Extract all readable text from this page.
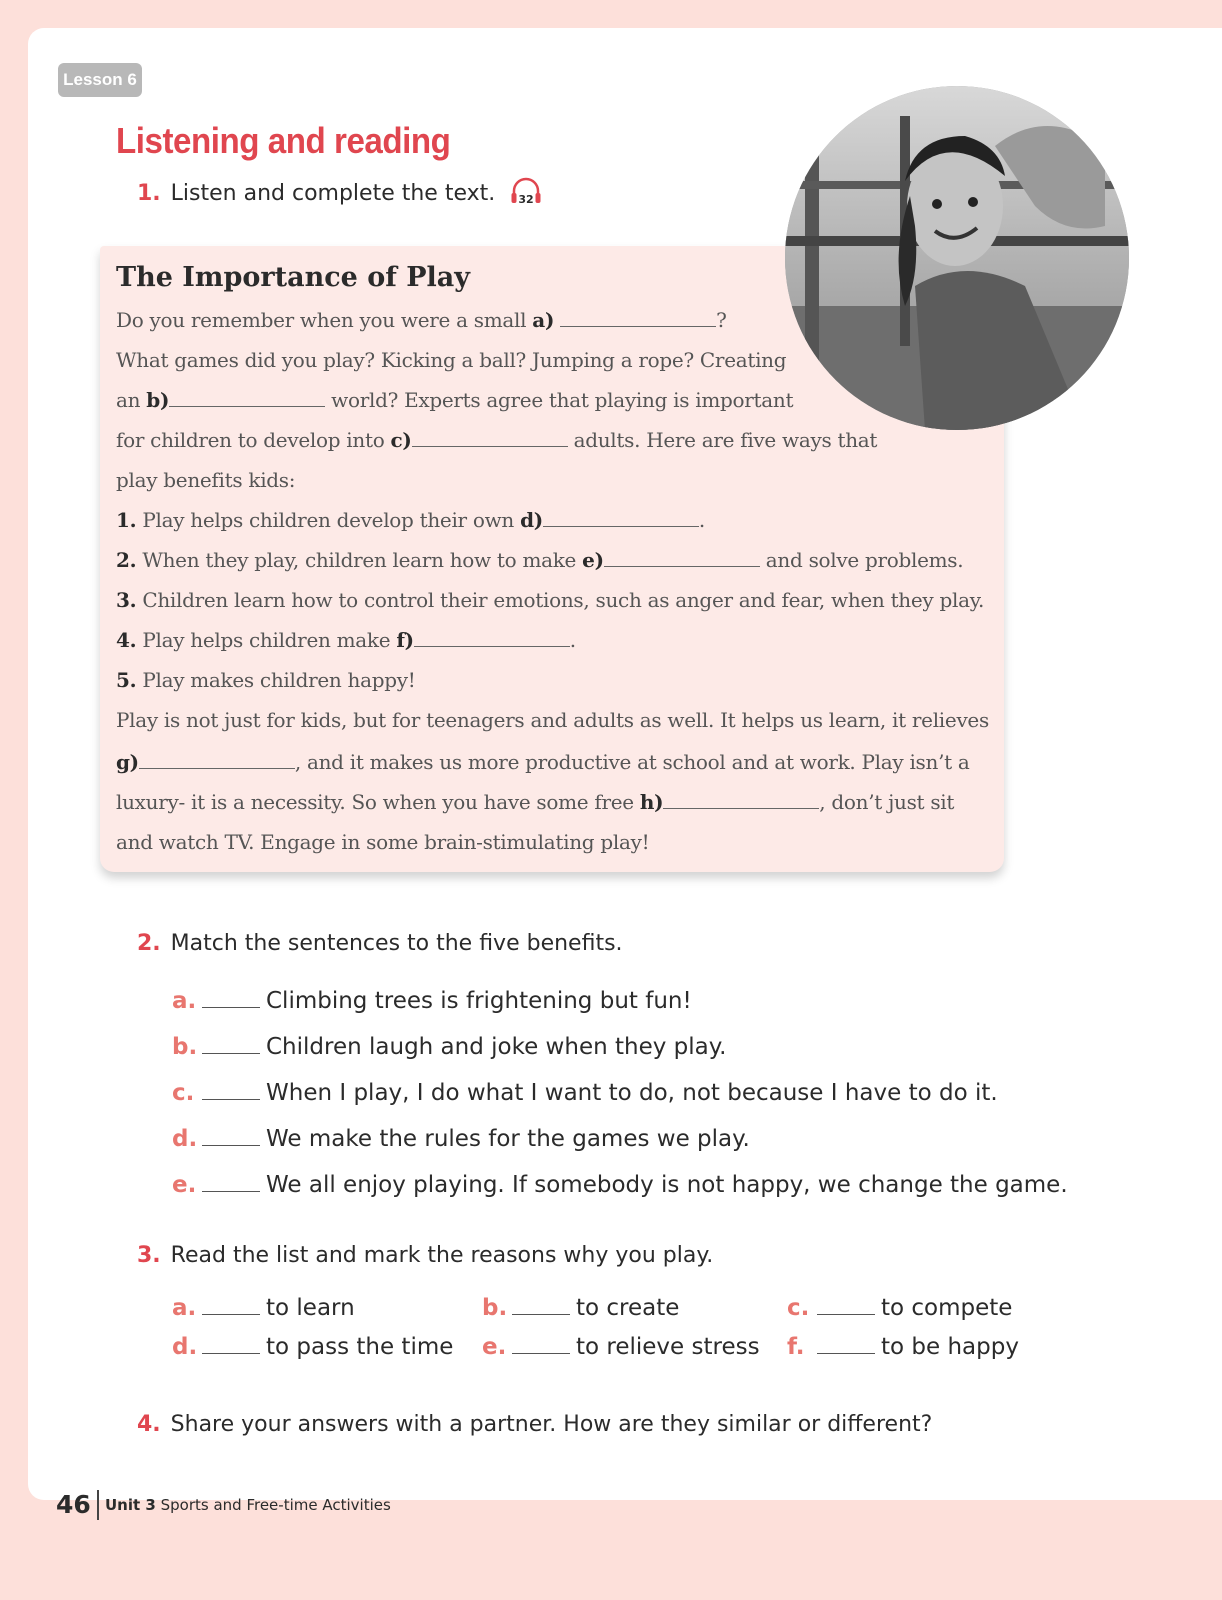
Lesson 6
Listening and reading
1. Listen and complete the text. 32
The Importance of Play
Do you remember when you were a small a)	?
What games did you play? Kicking a ball? Jumping a rope? Creating
an b)	world? Experts agree that playing is important
for children to develop into c)	adults. Here are five ways that
play benefits kids:
1. Play helps children develop their own d)	.
2. When they play, children learn how to make e)	and solve problems.
3. Children learn how to control their emotions, such as anger and fear, when they play.
4. Play helps children make f)	.
5. Play makes children happy!
Play is not just for kids, but for teenagers and adults as well. It helps us learn, it relieves
g)	, and it makes us more productive at school and at work. Play isn’t a
luxury- it is a necessity. So when you have some free h)	, don’t just sit
and watch TV. Engage in some brain-stimulating play!
2. Match the sentences to the five benefits.
a.	Climbing trees is frightening but fun!
b.	Children laugh and joke when they play.
c.	When I play, I do what I want to do, not because I have to do it.
d.	We make the rules for the games we play.
e.	We all enjoy playing. If somebody is not happy, we change the game.
3. Read the list and mark the reasons why you play.
a.	to learn	b.	to create	c.	to compete
d.	to pass the time e.	to relieve stress f.	to be happy
4. Share your answers with a partner. How are they similar or different?
46 Unit 3 Sports and Free-time Activities
